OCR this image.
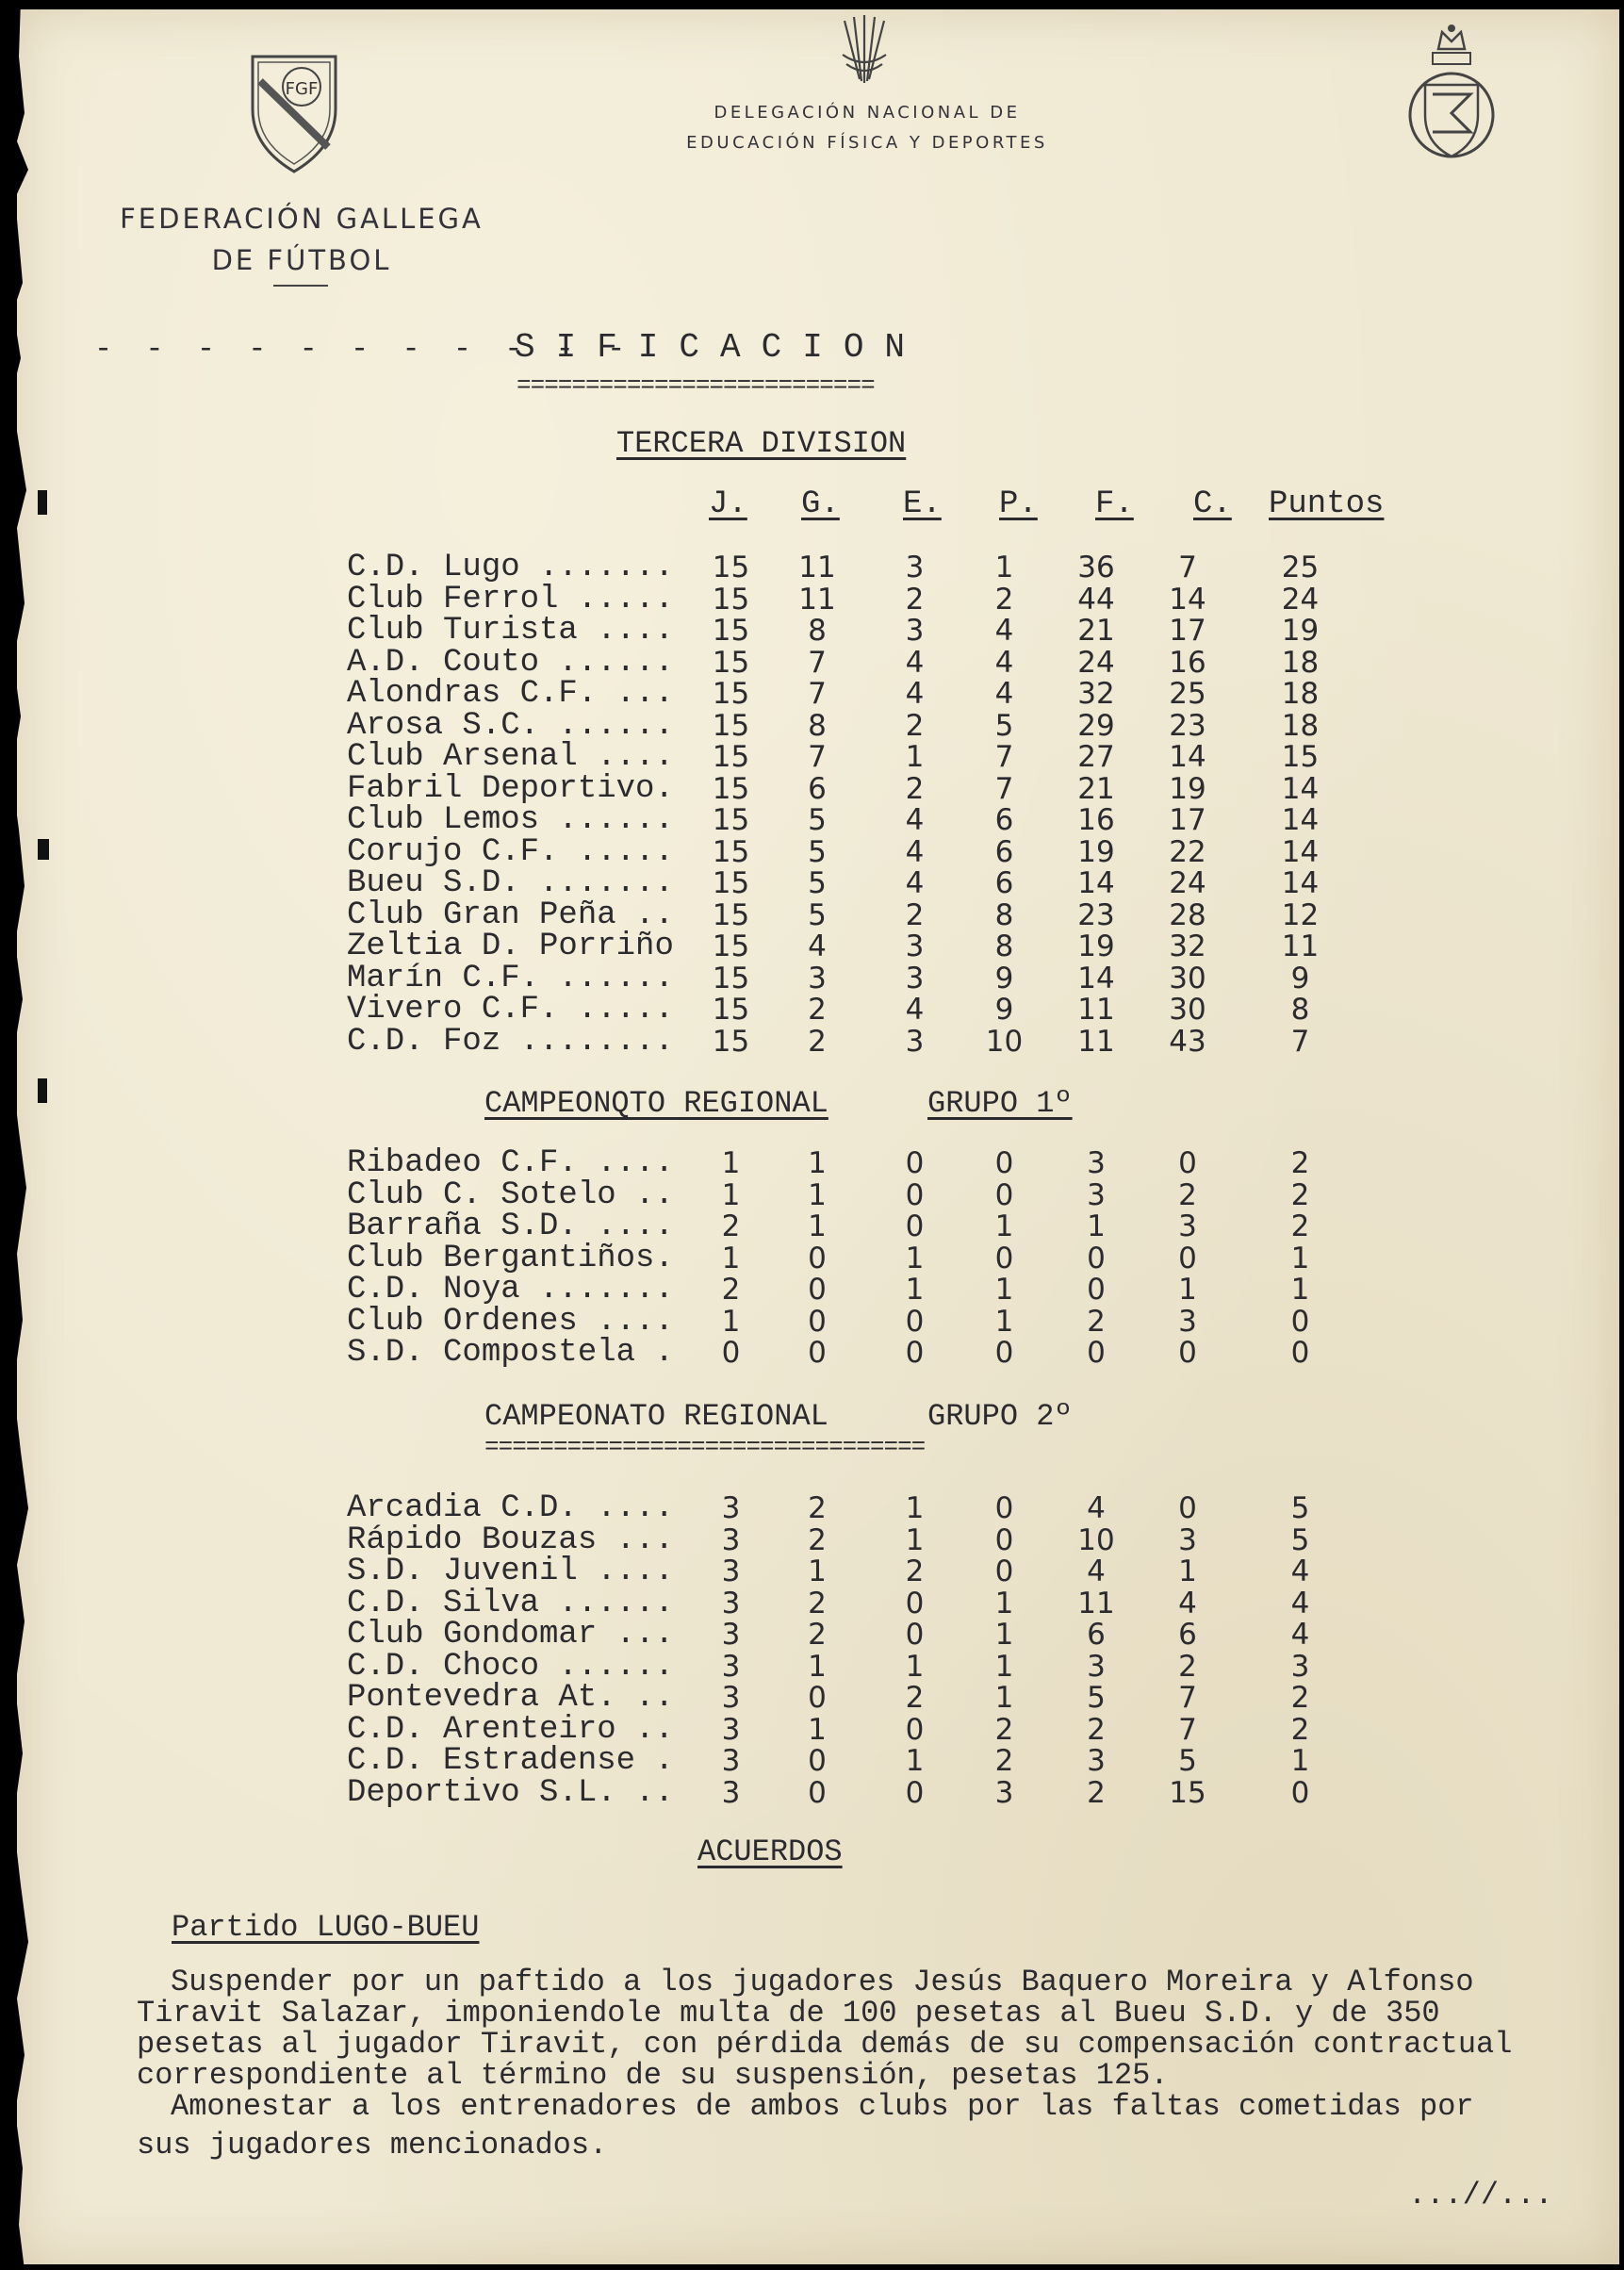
FGF
FEDERACIÓN GALLEGA
DE FÚTBOL
DELEGACIÓN NACIONAL DE
EDUCACIÓN FÍSICA Y DEPORTES
- - - - - - - - - - -
SIFICACION
==========================
TERCERA DIVISION
J. G. E. P. F. C. Puntos
C.D. Lugo .......	15	11	3	1	36	7	25
Club Ferrol .....	15	11	2	2	44	14	24
Club Turista ....	15	8	3	4	21	17	19
A.D. Couto ......	15	7	4	4	24	16	18
Alondras C.F. ...	15	7	4	4	32	25	18
Arosa S.C. ......	15	8	2	5	29	23	18
Club Arsenal ....	15	7	1	7	27	14	15
Fabril Deportivo.	15	6	2	7	21	19	14
Club Lemos ......	15	5	4	6	16	17	14
Corujo C.F. .....	15	5	4	6	19	22	14
Bueu S.D. .......	15	5	4	6	14	24	14
Club Gran Peña ..	15	5	2	8	23	28	12
Zeltia D. Porriño	15	4	3	8	19	32	11
Marín C.F. ......	15	3	3	9	14	30	9
Vivero C.F. .....	15	2	4	9	11	30	8
C.D. Foz ........	15	2	3	10	11	43	7
CAMPEONQTO REGIONAL	GRUPO 1º
Ribadeo C.F. ....	1	1	0	0	3	0	2
Club C. Sotelo ..	1	1	0	0	3	2	2
Barraña S.D. ....	2	1	0	1	1	3	2
Club Bergantiños.	1	0	1	0	0	0	1
C.D. Noya .......	2	0	1	1	0	1	1
Club Ordenes ....	1	0	0	1	2	3	0
S.D. Compostela .	0	0	0	0	0	0	0
CAMPEONATO REGIONAL	GRUPO 2º
================================
Arcadia C.D. ....	3	2	1	0	4	0	5
Rápido Bouzas ...	3	2	1	0	10	3	5
S.D. Juvenil ....	3	1	2	0	4	1	4
C.D. Silva ......	3	2	0	1	11	4	4
Club Gondomar ...	3	2	0	1	6	6	4
C.D. Choco ......	3	1	1	1	3	2	3
Pontevedra At. ..	3	0	2	1	5	7	2
C.D. Arenteiro ..	3	1	0	2	2	7	2
C.D. Estradense .	3	0	1	2	3	5	1
Deportivo S.L. ..	3	0	0	3	2	15	0
ACUERDOS
Partido LUGO-BUEU
Suspender por un paftido a los jugadores Jesús Baquero Moreira y Alfonso
Tiravit Salazar, imponiendole multa de 100 pesetas al Bueu S.D. y de 350
pesetas al jugador Tiravit, con pérdida demás de su compensación contractual
correspondiente al término de su suspensión, pesetas 125.
Amonestar a los entrenadores de ambos clubs por las faltas cometidas por
sus jugadores mencionados.
...//...
